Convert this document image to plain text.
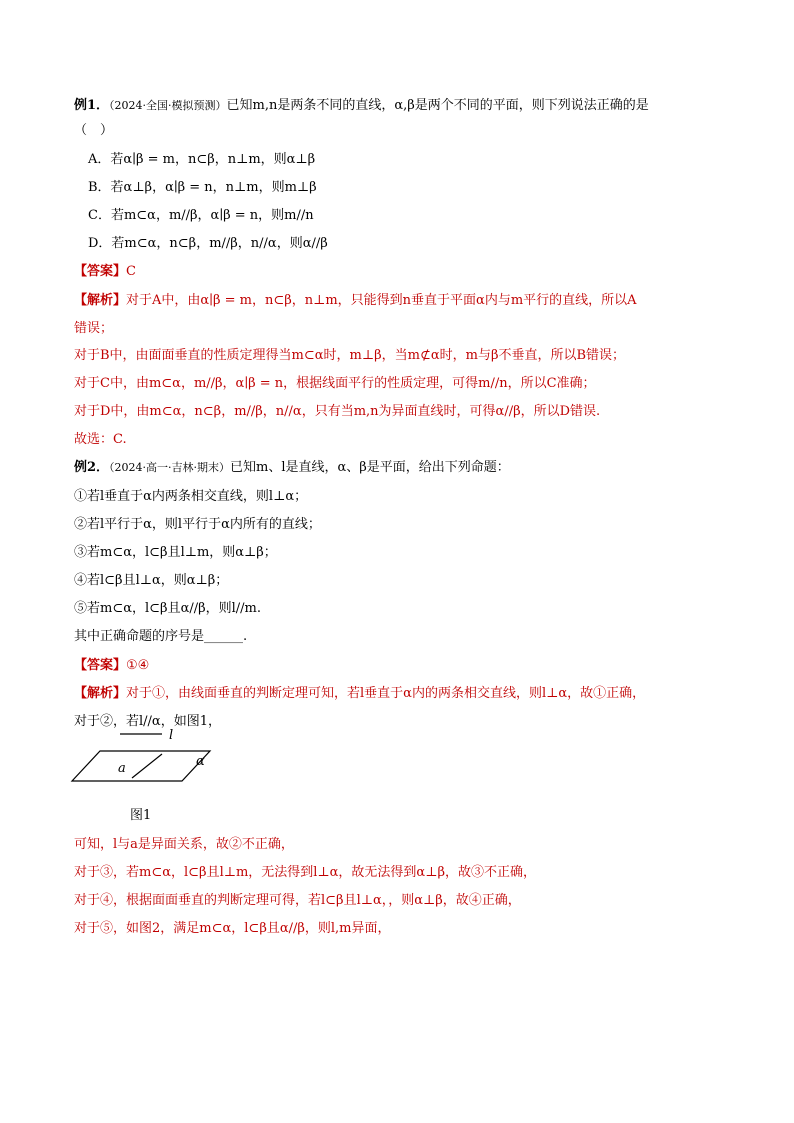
例1．（2024·全国·模拟预测）已知m,n是两条不同的直线，α,β是两个不同的平面，则下列说法正确的是
（　）
A．若α∣β = m，n⊂β，n⊥m，则α⊥β
B．若α⊥β，α∣β = n，n⊥m，则m⊥β
C．若m⊂α，m//β，α∣β = n，则m//n
D．若m⊂α，n⊂β，m//β，n//α，则α//β
【答案】C
【解析】对于A中，由α∣β = m，n⊂β，n⊥m，只能得到n垂直于平面α内与m平行的直线，所以A
错误；
对于B中，由面面垂直的性质定理得当m⊂α时，m⊥β，当m⊄α时，m与β不垂直，所以B错误；
对于C中，由m⊂α，m//β，α∣β = n，根据线面平行的性质定理，可得m//n，所以C准确；
对于D中，由m⊂α，n⊂β，m//β，n//α，只有当m,n为异面直线时，可得α//β，所以D错误.
故选：C.
例2．（2024·高一·吉林·期末）已知m、l是直线，α、β是平面，给出下列命题：
①若l垂直于α内两条相交直线，则l⊥α；
②若l平行于α，则l平行于α内所有的直线；
③若m⊂α，l⊂β且l⊥m，则α⊥β；
④若l⊂β且l⊥α，则α⊥β；
⑤若m⊂α，l⊂β且α//β，则l//m.
其中正确命题的序号是______.
【答案】①④
【解析】对于①，由线面垂直的判断定理可知，若l垂直于α内的两条相交直线，则l⊥α，故①正确，
对于②，若l//α，如图1，
l
a	α
图1
可知，l与a是异面关系，故②不正确，
对于③，若m⊂α，l⊂β且l⊥m，无法得到l⊥α，故无法得到α⊥β，故③不正确，
对于④，根据面面垂直的判断定理可得，若l⊂β且l⊥α，，则α⊥β，故④正确，
对于⑤，如图2，满足m⊂α，l⊂β且α//β，则l,m异面，
